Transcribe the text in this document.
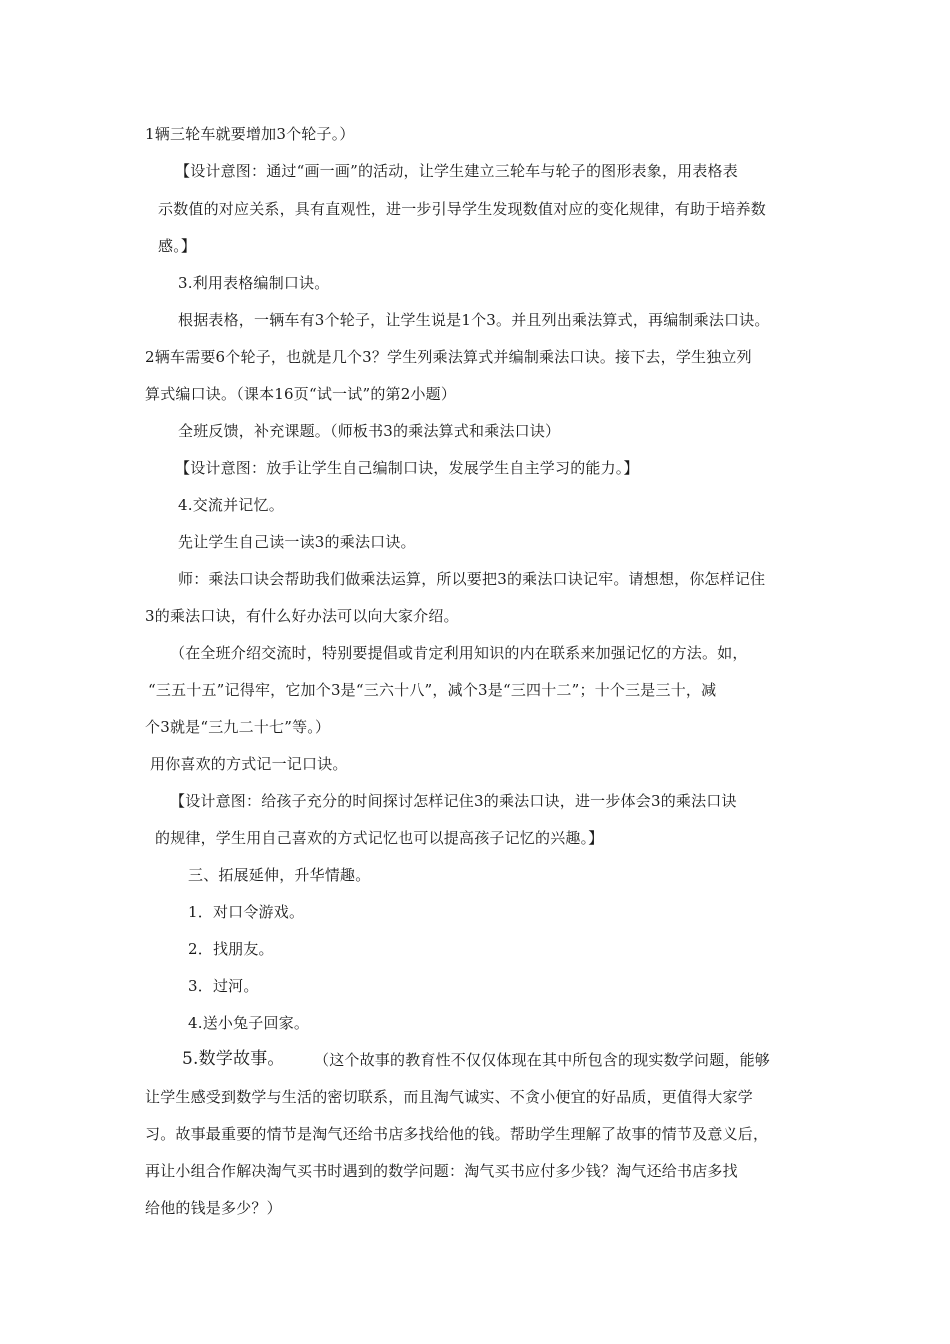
1辆三轮车就要增加3个轮子。）
【设计意图：通过“画一画”的活动，让学生建立三轮车与轮子的图形表象，用表格表
示数值的对应关系，具有直观性，进一步引导学生发现数值对应的变化规律，有助于培养数
感。】
3.利用表格编制口诀。
根据表格，一辆车有3个轮子，让学生说是1个3。并且列出乘法算式，再编制乘法口诀。
2辆车需要6个轮子，也就是几个3？学生列乘法算式并编制乘法口诀。接下去，学生独立列
算式编口诀。（课本16页“试一试”的第2小题）
全班反馈，补充课题。（师板书3的乘法算式和乘法口诀）
【设计意图：放手让学生自己编制口诀，发展学生自主学习的能力。】
4.交流并记忆。
先让学生自己读一读3的乘法口诀。
师：乘法口诀会帮助我们做乘法运算，所以要把3的乘法口诀记牢。请想想，你怎样记住
3的乘法口诀，有什么好办法可以向大家介绍。
（在全班介绍交流时，特别要提倡或肯定利用知识的内在联系来加强记忆的方法。如，
“三五十五”记得牢，它加个3是“三六十八”，减个3是“三四十二”；十个三是三十，减
个3就是“三九二十七”等。）
用你喜欢的方式记一记口诀。
【设计意图：给孩子充分的时间探讨怎样记住3的乘法口诀，进一步体会3的乘法口诀
的规律，学生用自己喜欢的方式记忆也可以提高孩子记忆的兴趣。】
三、拓展延伸，升华情趣。
1．对口令游戏。
2．找朋友。
3．过河。
4.送小兔子回家。
5.数学故事。 （这个故事的教育性不仅仅体现在其中所包含的现实数学问题，能够
让学生感受到数学与生活的密切联系，而且淘气诚实、不贪小便宜的好品质，更值得大家学
习。故事最重要的情节是淘气还给书店多找给他的钱。帮助学生理解了故事的情节及意义后，
再让小组合作解决淘气买书时遇到的数学问题：淘气买书应付多少钱？淘气还给书店多找
给他的钱是多少？）
